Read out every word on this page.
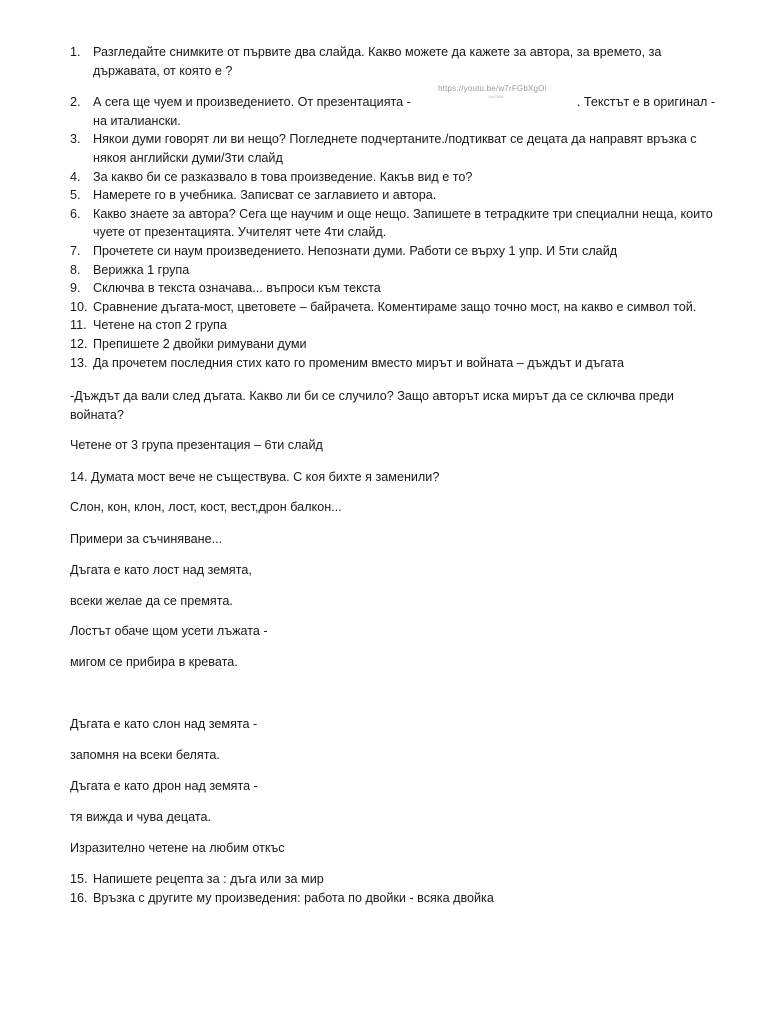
1. Разгледайте снимките от първите два слайда. Какво можете да кажете за автора, за времето, за държавата, от която е ?
2. А сега ще чуем и произведението. От презентацията -	. Текстът е в оригинал - на италиански.
3. Някои думи говорят ли ви нещо? Погледнете подчертаните./подтикват се децата да направят връзка с някоя английски думи/3ти слайд
4. За какво би се разказвало в това произведение. Какъв вид е то?
5. Намерете го в учебника. Записват се заглавието и автора.
6. Какво знаете за автора? Сега ще научим и още нещо. Запишете в тетрадките три специални неща, които чуете от презентацията. Учителят чете 4ти слайд.
7. Прочетете си наум произведението. Непознати думи. Работи се върху 1 упр. И 5ти слайд
8. Верижка 1 група
9. Сключва в текста означава... въпроси към текста
10. Сравнение дъгата-мост, цветовете – байрачета. Коментираме защо точно мост, на какво е символ той.
11. Четене на стоп 2 група
12. Препишете 2 двойки римувани думи
13. Да прочетем последния стих като го променим вместо мирът и войната – дъждът и дъгата
https://youtu.be/w7rFGbXgOI
YouTube
-Дъждът да вали след дъгата. Какво ли би се случило? Защо авторът иска мирът да се сключва преди войната?
Четене от 3 група презентация – 6ти слайд
14. Думата мост вече не съществува. С коя бихте я заменили?
Слон, кон, клон, лост, кост, вест,дрон балкон...
Примери за съчиняване...
Дъгата е като лост над земята,
всеки желае да се премята.
Лостът обаче щом усети лъжата -
мигом се прибира в кревата.
Дъгата е като слон над земята -
запомня на всеки белята.
Дъгата е като дрон над земята -
тя вижда и чува децата.
Изразително четене на любим откъс
15. Напишете рецепта за : дъга или за мир
16. Връзка с другите му произведения: работа по двойки - всяка двойка
